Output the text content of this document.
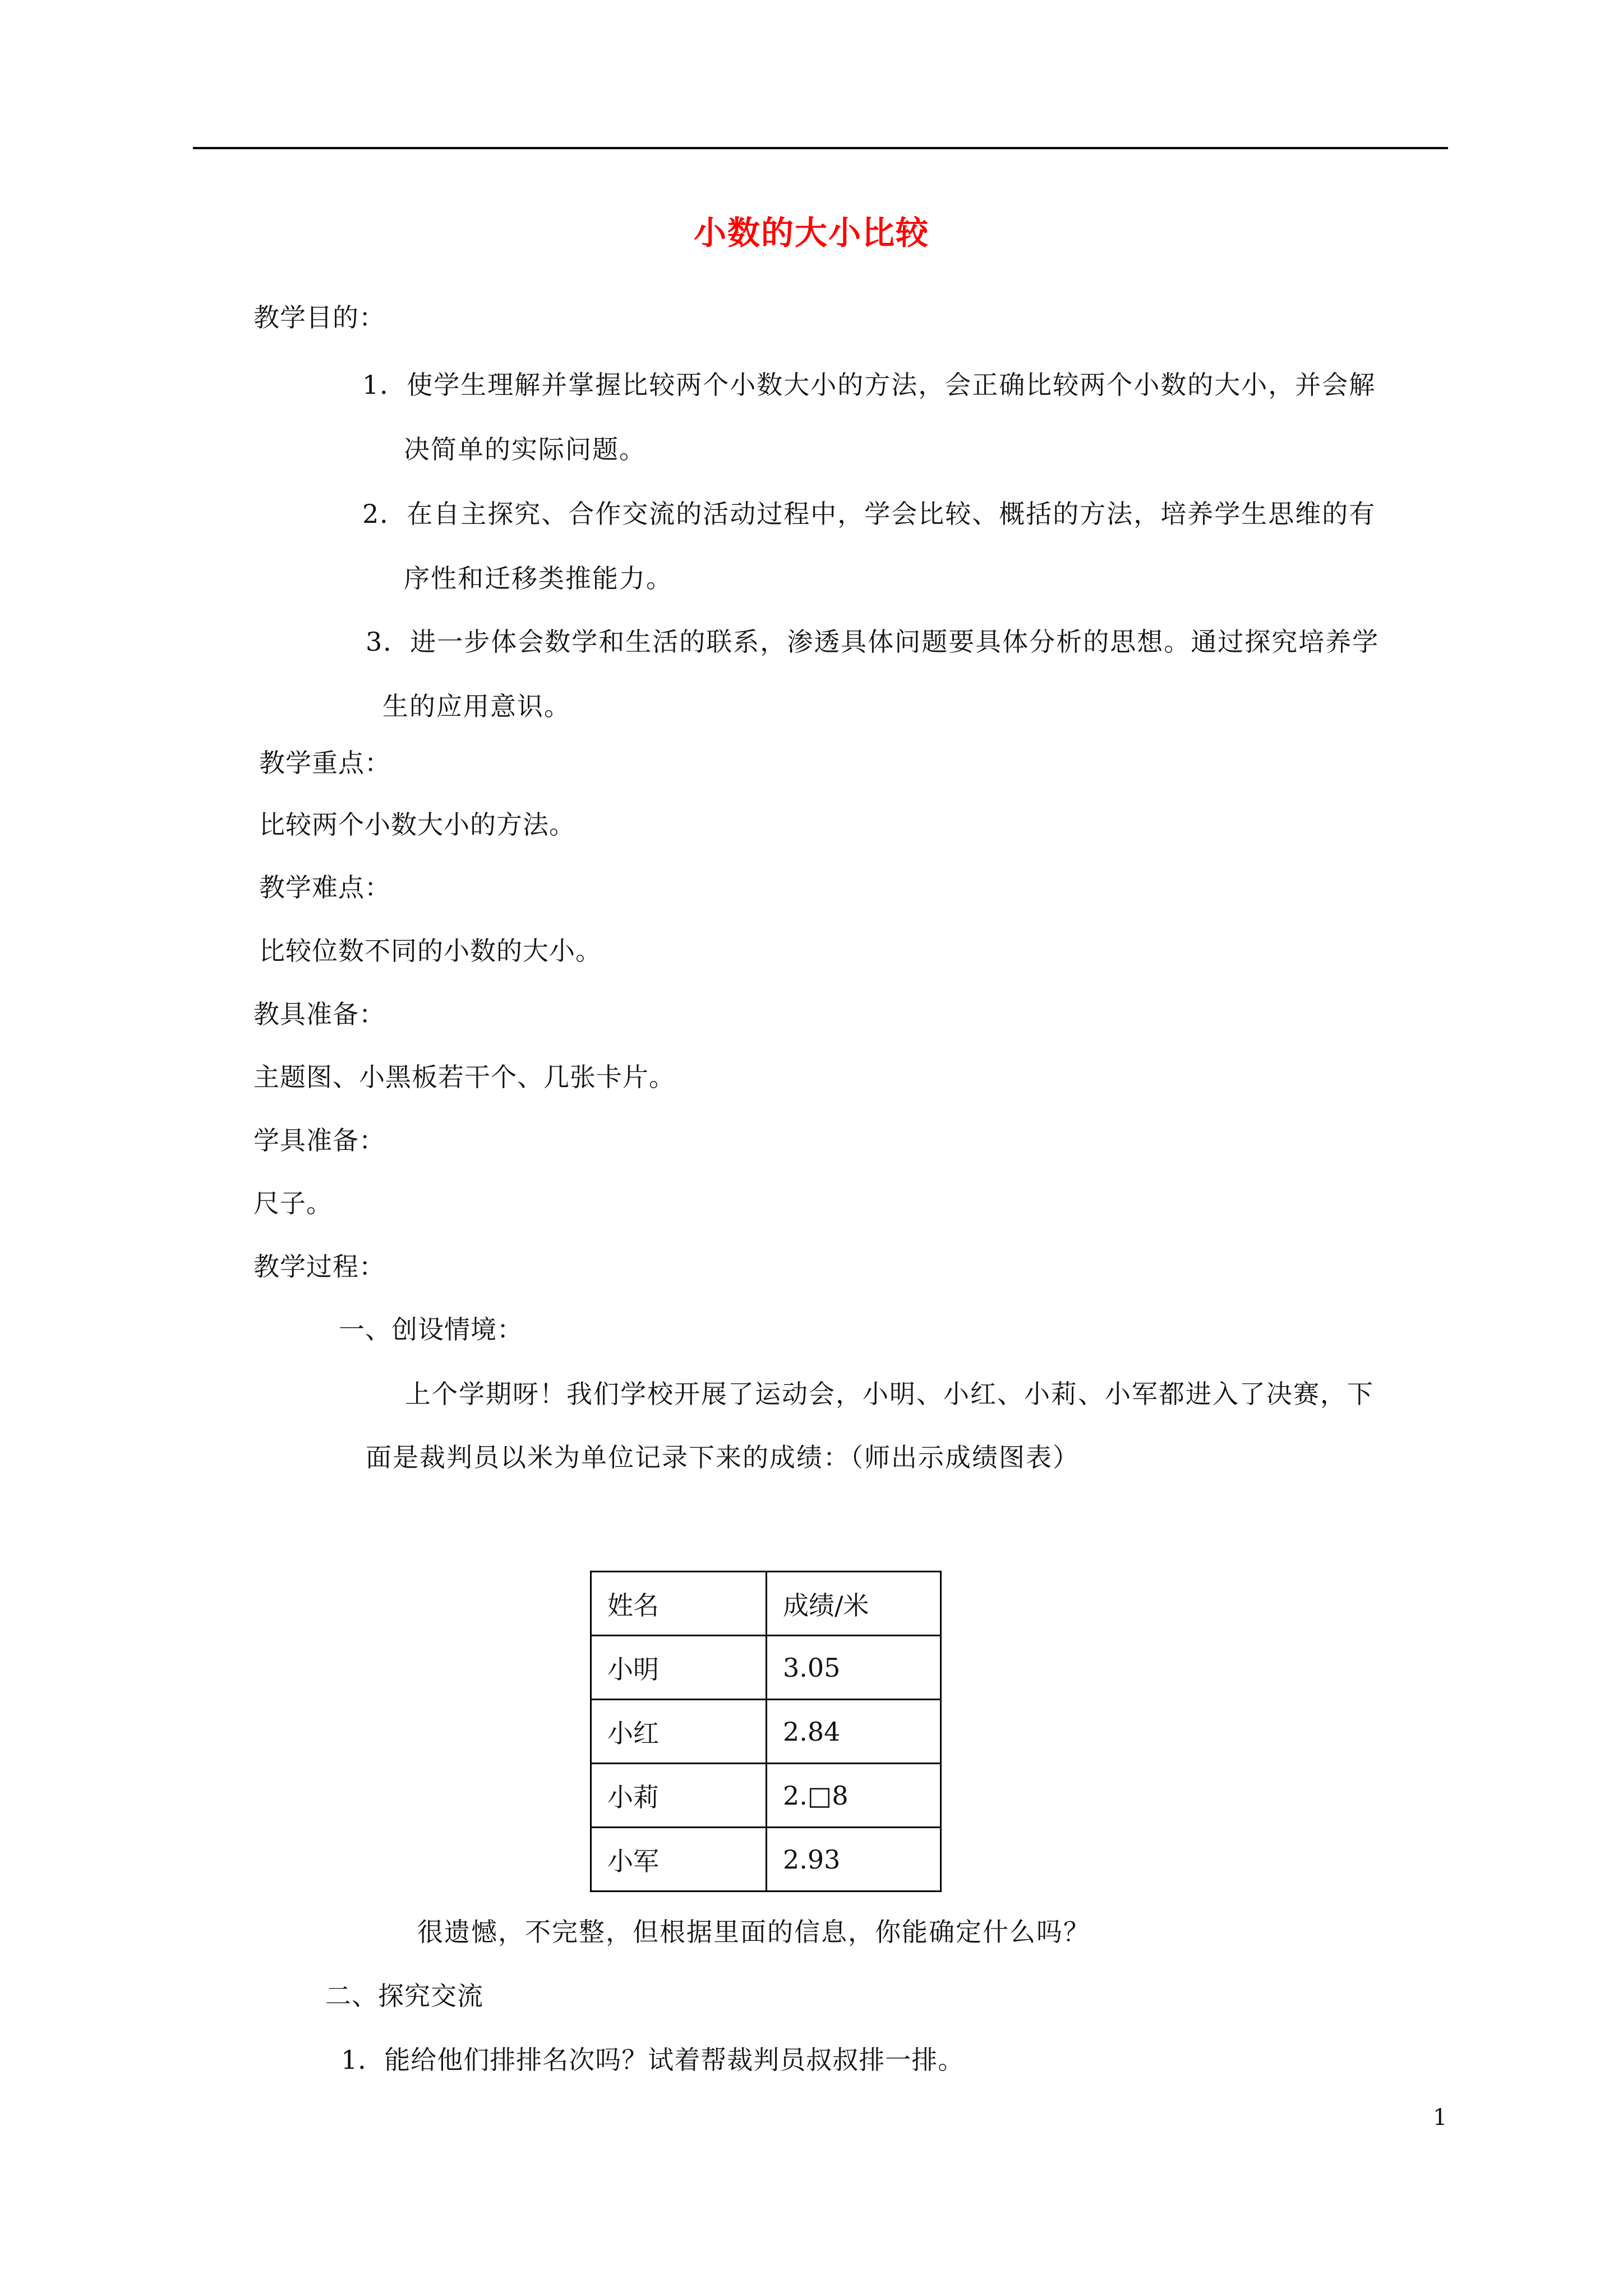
小数的大小比较
教学目的：
1．使学生理解并掌握比较两个小数大小的方法，会正确比较两个小数的大小，并会解
决简单的实际问题。
2．在自主探究、合作交流的活动过程中，学会比较、概括的方法，培养学生思维的有
序性和迁移类推能力。
3．进一步体会数学和生活的联系，渗透具体问题要具体分析的思想。通过探究培养学
生的应用意识。
教学重点：
比较两个小数大小的方法。
教学难点：
比较位数不同的小数的大小。
教具准备：
主题图、小黑板若干个、几张卡片。
学具准备：
尺子。
教学过程：
一、创设情境：
上个学期呀！我们学校开展了运动会，小明、小红、小莉、小军都进入了决赛，下
面是裁判员以米为单位记录下来的成绩：（师出示成绩图表）
姓名	成绩/米
小明	3.05
小红	2.84
小莉	2.□8
小军	2.93
很遗憾，不完整，但根据里面的信息，你能确定什么吗？
二、探究交流
1．能给他们排排名次吗？试着帮裁判员叔叔排一排。
1
